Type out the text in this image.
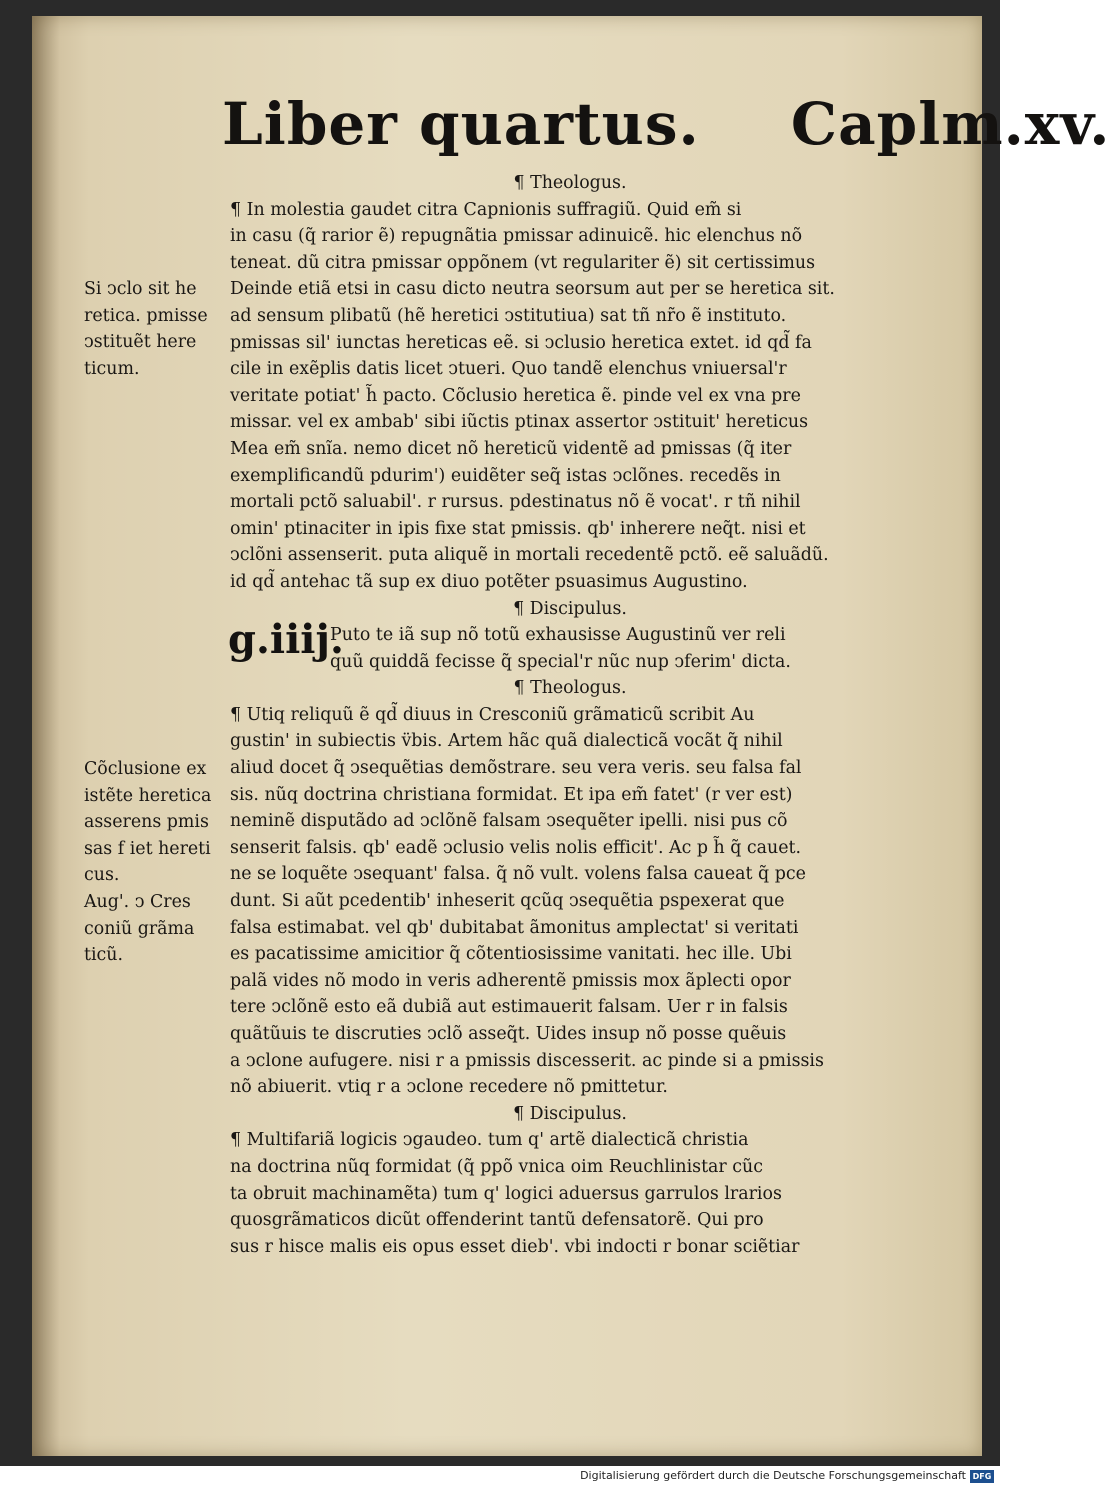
Liber quartus. Caplm.xv.
¶ Theologus.
¶ In molestia gaudet citra Capnionis suffragiũ. Quid em̃ si
in casu (q̃ rarior ẽ) repugnãtia pmissar adinuicẽ. hic elenchus nõ
teneat. dũ citra pmissar oppõnem (vt regulariter ẽ) sit certissimus
Deinde etiã etsi in casu dicto neutra seorsum aut per se heretica sit.
ad sensum plibatũ (hẽ heretici ↄstitutiua) sat tñ nr̃o ẽ instituto.
pmissas sil' iunctas hereticas eẽ. si ↄclusio heretica extet. id qd̃ fa
cile in exẽplis datis licet ↄtueri. Quo tandẽ elenchus vniuersal'r
veritate potiat' h̃ pacto. Cõclusio heretica ẽ. pinde vel ex vna pre
missar. vel ex ambab' sibi iũctis ptinax assertor ↄstituit' hereticus
Mea em̃ snĩa. nemo dicet nõ hereticũ videntẽ ad pmissas (q̃ iter
exemplificandũ pdurim') euidẽter seq̃ istas ↄclõnes. recedẽs in
mortali pctõ saluabil'. r rursus. pdestinatus nõ ẽ vocat'. r tñ nihil
omin' ptinaciter in ipis fixe stat pmissis. qb' inherere neq̃t. nisi et
ↄclõni assenserit. puta aliquẽ in mortali recedentẽ pctõ. eẽ saluãdũ.
id qd̃ antehac tã sup ex diuo potẽter psuasimus Augustino.
¶ Discipulus.
Puto te iã sup nõ totũ exhausisse Augustinũ ver reli
quũ quiddã fecisse q̃ special'r nũc nup ↄferim' dicta.
¶ Theologus.
¶ Utiq reliquũ ẽ qd̃ diuus in Cresconiũ grãmaticũ scribit Au
gustin' in subiectis v̈bis. Artem hãc quã dialecticã vocãt q̃ nihil
aliud docet q̃ ↄsequẽtias demõstrare. seu vera veris. seu falsa fal
sis. nũq doctrina christiana formidat. Et ipa em̃ fatet' (r ver est)
neminẽ disputãdo ad ↄclõnẽ falsam ↄsequẽter ipelli. nisi pus cõ
senserit falsis. qb' eadẽ ↄclusio velis nolis efficit'. Ac p h̃ q̃ cauet.
ne se loquẽte ↄsequant' falsa. q̃ nõ vult. volens falsa caueat q̃ pce
dunt. Si aũt pcedentib' inheserit qcũq ↄsequẽtia pspexerat que
falsa estimabat. vel qb' dubitabat ãmonitus amplectat' si veritati
es pacatissime amicitior q̃ cõtentiosissime vanitati. hec ille. Ubi
palã vides nõ modo in veris adherentẽ pmissis mox ãplecti opor
tere ↄclõnẽ esto eã dubiã aut estimauerit falsam. Uer r in falsis
quãtũuis te discruties ↄclõ asseq̃t. Uides insup nõ posse quẽuis
a ↄclone aufugere. nisi r a pmissis discesserit. ac pinde si a pmissis
nõ abiuerit. vtiq r a ↄclone recedere nõ pmittetur.
¶ Discipulus.
¶ Multifariã logicis ↄgaudeo. tum q' artẽ dialecticã christia
na doctrina nũq formidat (q̃ ppõ vnica oim Reuchlinistar cũc
ta obruit machinamẽta) tum q' logici aduersus garrulos lrarios
quosgrãmaticos dicũt offenderint tantũ defensatorẽ. Qui pro
sus r hisce malis eis opus esset dieb'. vbi indocti r bonar sciẽtiar
g.iiij.
Si ↄclo sit he
retica. pmisse
ↄstituẽt here
ticum.
Cõclusione ex
istẽte heretica
asserens pmis
sas f iet hereti
cus.
Aug'. ↄ Cres
coniũ grãma
ticũ.
Digitalisierung gefördert durch die Deutsche Forschungsgemeinschaft DFG
